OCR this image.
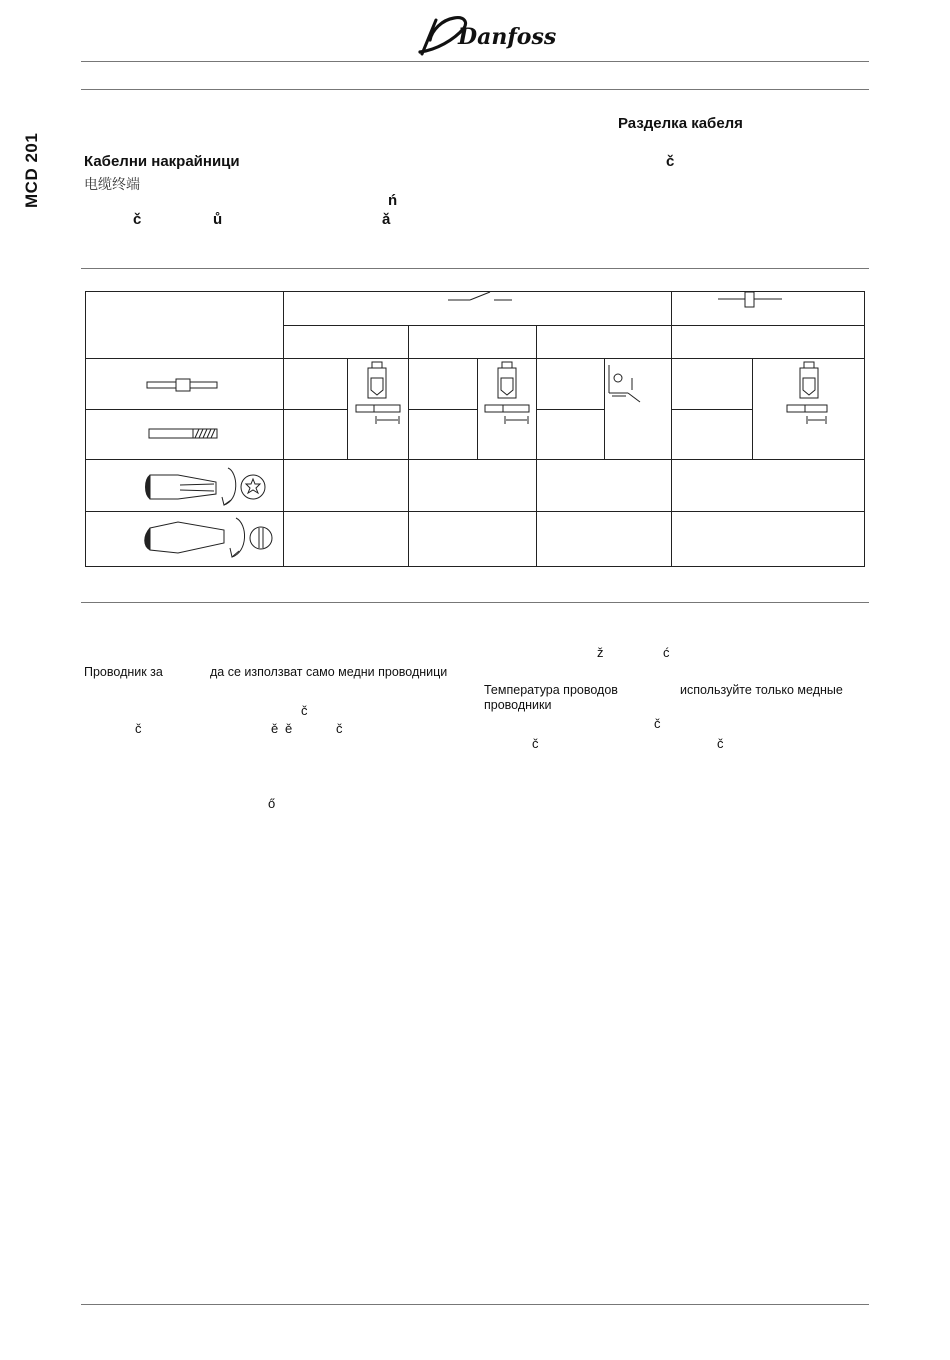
Danfoss
MCD 201
Разделка кабеля
č
Кабелни накрайници
电缆终端
ń
č	ů	ǎ
ž	ć
Проводник за	да се използват само медни проводници
Температура проводов	используйте только медные
проводники
č
č	ě ě	č	č
č	č
ő
